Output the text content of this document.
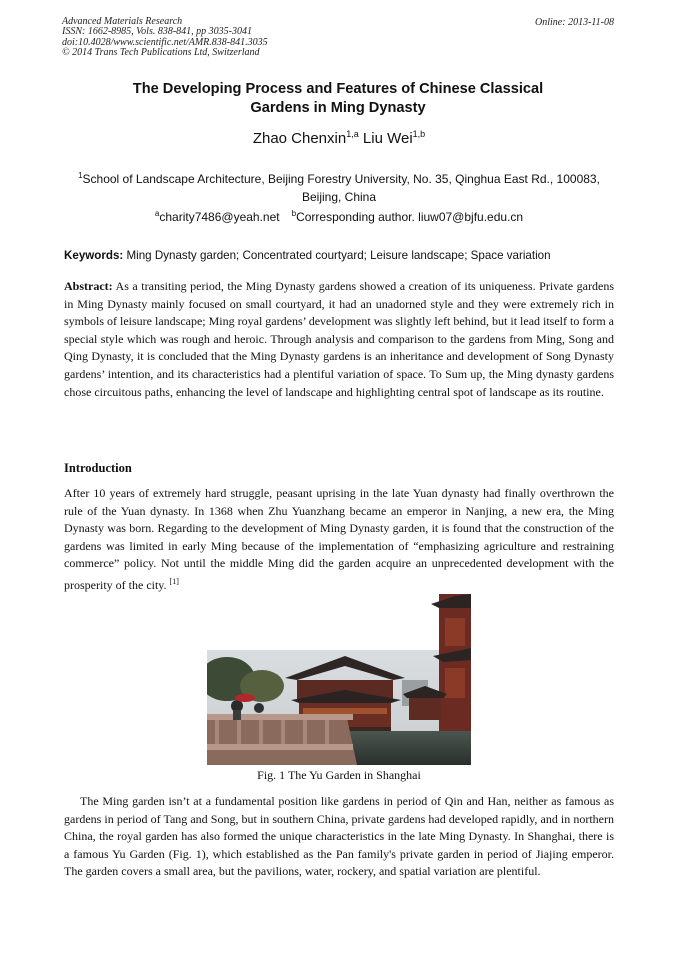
Advanced Materials Research
ISSN: 1662-8985, Vols. 838-841, pp 3035-3041
doi:10.4028/www.scientific.net/AMR.838-841.3035
© 2014 Trans Tech Publications Ltd, Switzerland
Online: 2013-11-08
The Developing Process and Features of Chinese Classical
Gardens in Ming Dynasty
Zhao Chenxin$^{1,a}$ Liu Wei$^{1,b}$
$^1$School of Landscape Architecture, Beijing Forestry University, No. 35, Qinghua East Rd., 100083,
Beijing, China
$^a$charity7486@yeah.net $^b$Corresponding author. liuw07@bjfu.edu.cn
Keywords: Ming Dynasty garden; Concentrated courtyard; Leisure landscape; Space variation
Abstract: As a transiting period, the Ming Dynasty gardens showed a creation of its uniqueness. Private gardens in Ming Dynasty mainly focused on small courtyard, it had an unadorned style and they were extremely rich in symbols of leisure landscape; Ming royal gardens’ development was slightly left behind, but it lead itself to form a special style which was rough and heroic. Through analysis and comparison to the gardens from Ming, Song and Qing Dynasty, it is concluded that the Ming Dynasty gardens is an inheritance and development of Song Dynasty gardens’ intention, and its characteristics had a plentiful variation of space. To Sum up, the Ming dynasty gardens chose circuitous paths, enhancing the level of landscape and highlighting central spot of landscape as its routine.
Introduction
After 10 years of extremely hard struggle, peasant uprising in the late Yuan dynasty had finally overthrown the rule of the Yuan dynasty. In 1368 when Zhu Yuanzhang became an emperor in Nanjing, a new era, the Ming Dynasty was born. Regarding to the development of Ming Dynasty garden, it is found that the construction of the gardens was limited in early Ming because of the implementation of “emphasizing agriculture and restraining commerce” policy. Not until the middle Ming did the garden acquire an unprecedented development with the prosperity of the city. [1]
Fig. 1 The Yu Garden in Shanghai
The Ming garden isn’t at a fundamental position like gardens in period of Qin and Han, neither as famous as gardens in period of Tang and Song, but in southern China, private gardens had developed rapidly, and in northern China, the royal garden has also formed the unique characteristics in the late Ming Dynasty. In Shanghai, there is a famous Yu Garden (Fig. 1), which established as the Pan family's private garden in period of Jiajing emperor. The garden covers a small area, but the pavilions, water, rockery, and spatial variation are plentiful.
